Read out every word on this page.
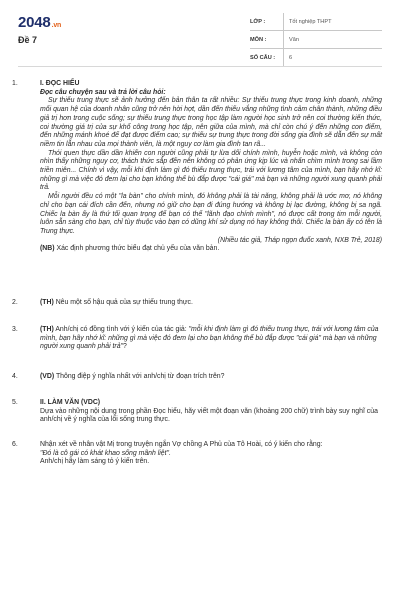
2048.vn
Đề 7
LỚP :	Tốt nghiệp THPT
MÔN :	Văn
SỐ CÂU :	6
1.	I. ĐỌC HIỂU
Đọc câu chuyện sau và trả lời câu hỏi:

Sự thiếu trung thực sẽ ảnh hưởng đến bản thân ta rất nhiều: Sự thiếu trung thực trong kinh doanh, những mối quan hệ của doanh nhân cũng trở nên hời hợt, dần đến thiếu vắng những tình cảm chân thành, những điều giả trị hơn trong cuộc sống; sự thiếu trung thực trong học tập làm người học sinh trở nên coi thường kiến thức, coi thường giá trị của sự khổ công trong học tập, nên giữa của mình, mà chỉ còn chú ý đến những con điểm, đến những mánh khoé để đạt được điểm cao; sự thiếu sự trung thực trong đời sống gia đình sẽ dẫn đến sự mất niềm tin lẫn nhau của mọi thành viên, là một nguy cơ làm gia đình tan rã...

Thói quen thực dần dần khiến con người cũng phải tự lừa dối chính mình, huyễn hoặc mình, và không còn nhìn thấy những nguy cơ, thách thức sắp đến nên không có phản ứng kịp lúc và nhấn chìm mình trong sai lầm triền miên... Chính vì vậy, mỗi khi định làm gì đó thiếu trung thực, trái với lương tâm của mình, bạn hãy nhớ kĩ: những gì mà việc đó đem lại cho bạn không thể bù đắp được "cái giá" mà bạn và những người xung quanh phải trả.

Mỗi người đều có một "la bàn" cho chính mình, đó không phải là tài năng, không phải là ước mơ, nó không chỉ cho bạn cái đích cần đến, nhưng nó giữ cho bạn đi đúng hướng và không bị lạc đường, không bị sa ngã. Chiếc la bàn ấy là thứ tối quan trọng để bạn có thể "lãnh đạo chính mình", nó được cất trong tim mỗi người, luôn sẵn sàng cho bạn, chỉ tùy thuộc vào bạn có dũng khí sử dụng nó hay không thôi. Chiếc la bàn ấy có tên là Trung thực.

(Nhiều tác giả, Tháp ngọn đuốc xanh, NXB Trẻ, 2018)

(NB) Xác định phương thức biểu đạt chủ yếu của văn bản.
2.	(TH) Nêu một số hậu quả của sự thiếu trung thực.
3.	(TH) Anh/chị có đồng tình với ý kiến của tác giả: "mỗi khi định làm gì đó thiếu trung thực, trái với lương tâm của mình, bạn hãy nhớ kĩ: những gì mà việc đó đem lại cho bạn không thể bù đắp được "cái giá" mà bạn và những người xung quanh phải trả"?
4.	(VD) Thông điệp ý nghĩa nhất với anh/chị từ đoạn trích trên?
5.	II. LÀM VĂN (VDC)
Dựa vào những nội dung trong phần Đọc hiểu, hãy viết một đoạn văn (khoảng 200 chữ) trình bày suy nghĩ của anh/chị về ý nghĩa của lối sống trung thực.
6.	Nhận xét về nhân vật Mị trong truyện ngắn Vợ chồng A Phủ của Tô Hoài, có ý kiến cho rằng:
"Đó là cô gái có khát khao sống mãnh liệt".
Anh/chị hãy làm sáng tỏ ý kiến trên.
